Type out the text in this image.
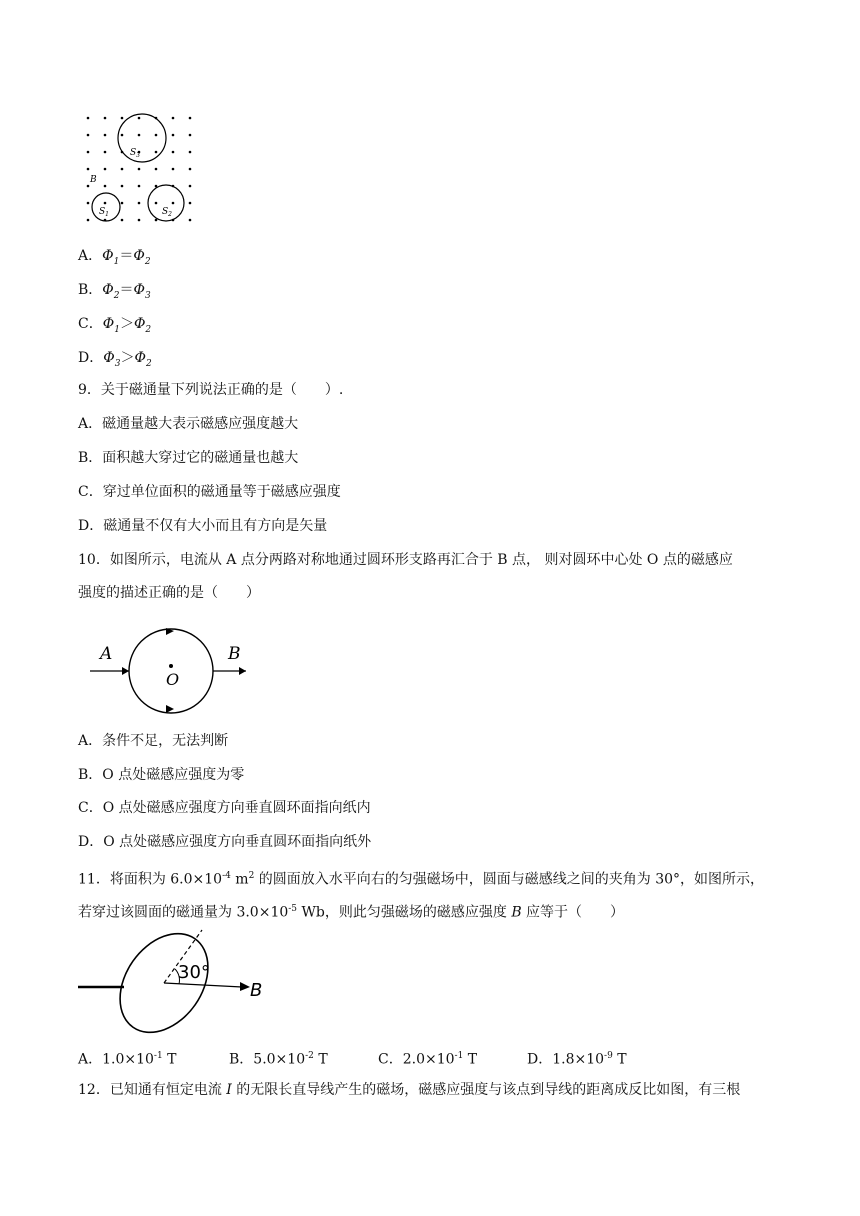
$S_3$
B
$S_1$	$S_2$
A．$\Phi_1=\Phi_2$
B．$\Phi_2=\Phi_3$
C．$\Phi_1>\Phi_2$
D．$\Phi_3>\Phi_2$
9．关于磁通量下列说法正确的是（　　）.
A．磁通量越大表示磁感应强度越大
B．面积越大穿过它的磁通量也越大
C．穿过单位面积的磁通量等于磁感应强度
D．磁通量不仅有大小而且有方向是矢量
10．如图所示，电流从 A 点分两路对称地通过圆环形支路再汇合于 B 点， 则对圆环中心处 O 点的磁感应
强度的描述正确的是（　　）
A	B
O
A．条件不足，无法判断
B．O 点处磁感应强度为零
C．O 点处磁感应强度方向垂直圆环面指向纸内
D．O 点处磁感应强度方向垂直圆环面指向纸外
11．将面积为 $6.0\times 10^{-4}$ $m^2$ 的圆面放入水平向右的匀强磁场中，圆面与磁感线之间的夹角为 30°，如图所示，
若穿过该圆面的磁通量为 $3.0\times 10^{-5}$ Wb，则此匀强磁场的磁感应强度 B 应等于（　　）
30°
B
A．$1.0\times 10^{-1}$ T	B．$5.0\times 10^{-2}$ T	C．$2.0\times 10^{-1}$ T	D．$1.8\times 10^{-9}$ T
12．已知通有恒定电流 I 的无限长直导线产生的磁场，磁感应强度与该点到导线的距离成反比如图，有三根
